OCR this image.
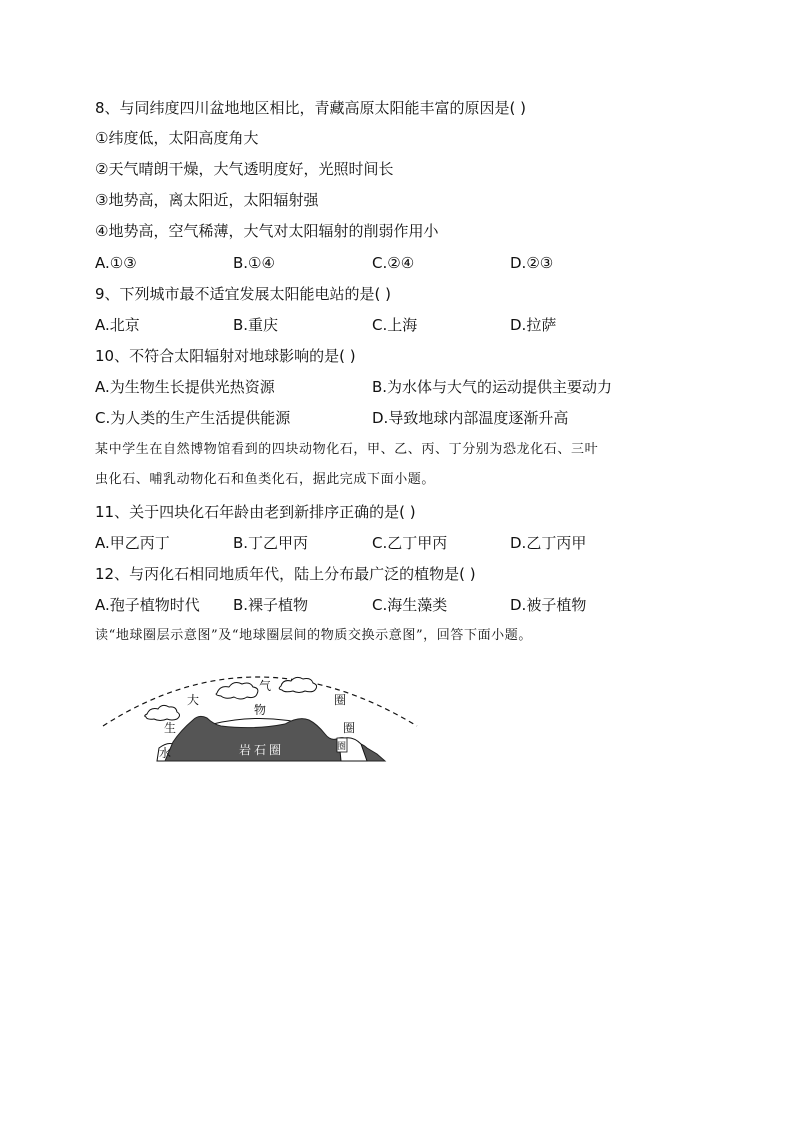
8、与同纬度四川盆地地区相比，青藏高原太阳能丰富的原因是( )
①纬度低，太阳高度角大
②天气晴朗干燥，大气透明度好，光照时间长
③地势高，离太阳近，太阳辐射强
④地势高，空气稀薄，大气对太阳辐射的削弱作用小
A.①③	B.①④	C.②④	D.②③
9、下列城市最不适宜发展太阳能电站的是( )
A.北京	B.重庆	C.上海	D.拉萨
10、不符合太阳辐射对地球影响的是( )
A.为生物生长提供光热资源	B.为水体与大气的运动提供主要动力
C.为人类的生产生活提供能源	D.导致地球内部温度逐渐升高
某中学生在自然博物馆看到的四块动物化石，甲、乙、丙、丁分别为恐龙化石、三叶
虫化石、哺乳动物化石和鱼类化石，据此完成下面小题。
11、关于四块化石年龄由老到新排序正确的是( )
A.甲乙丙丁	B.丁乙甲丙	C.乙丁甲丙	D.乙丁丙甲
12、与丙化石相同地质年代，陆上分布最广泛的植物是( )
A.孢子植物时代 B.裸子植物	C.海生藻类	D.被子植物
读“地球圈层示意图”及“地球圈层间的物质交换示意图”，回答下面小题。
大
气
圈
物
生	圈
水	圈
岩石圈
